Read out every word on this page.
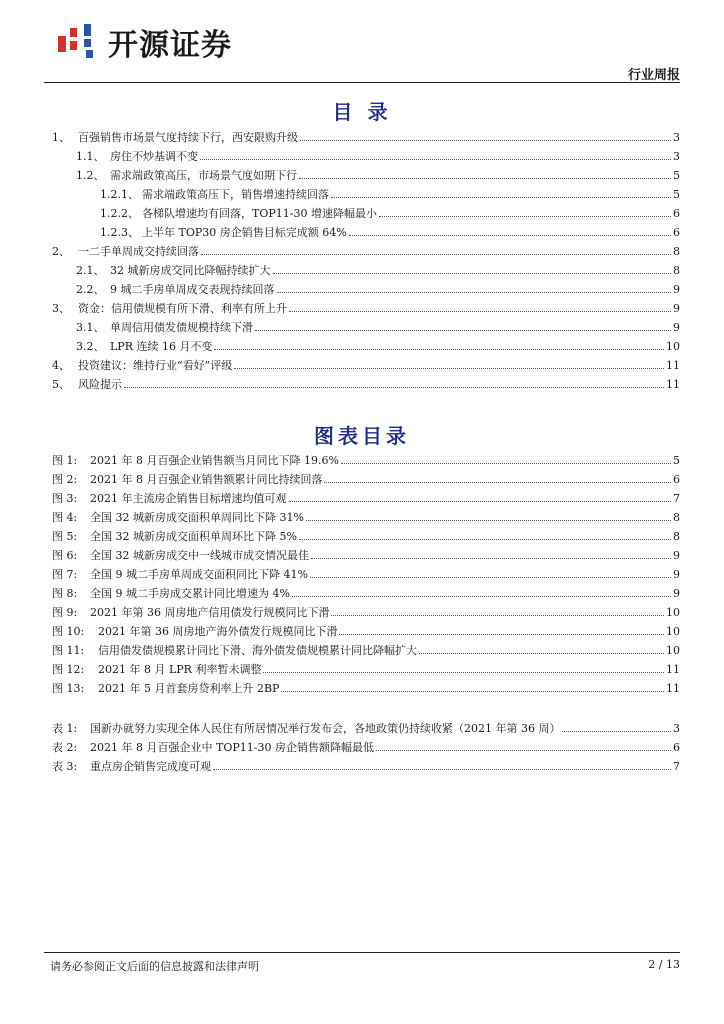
开源证券
行业周报
目 录
1、 百强销售市场景气度持续下行，西安限购升级	3
1.1、 房住不炒基调不变	3
1.2、 需求端政策高压，市场景气度如期下行	5
1.2.1、 需求端政策高压下，销售增速持续回落	5
1.2.2、 各梯队增速均有回落，TOP11-30 增速降幅最小	6
1.2.3、 上半年 TOP30 房企销售目标完成额 64%	6
2、 一二手单周成交持续回落	8
2.1、 32 城新房成交同比降幅持续扩大	8
2.2、 9 城二手房单周成交表现持续回落	9
3、 资金：信用债规模有所下滑、利率有所上升	9
3.1、 单周信用债发债规模持续下滑	9
3.2、 LPR 连续 16 月不变	10
4、 投资建议：维持行业“看好”评级	11
5、 风险提示	11
图表目录
图 1:	2021 年 8 月百强企业销售额当月同比下降 19.6%	5
图 2:	2021 年 8 月百强企业销售额累计同比持续回落	6
图 3:	2021 年主流房企销售目标增速均值可观	7
图 4:	全国 32 城新房成交面积单周同比下降 31%	8
图 5:	全国 32 城新房成交面积单周环比下降 5%	8
图 6:	全国 32 城新房成交中一线城市成交情况最佳	9
图 7:	全国 9 城二手房单周成交面积同比下降 41%	9
图 8:	全国 9 城二手房成交累计同比增速为 4%	9
图 9:	2021 年第 36 周房地产信用债发行规模同比下滑	10
图 10:	2021 年第 36 周房地产海外债发行规模同比下滑	10
图 11:	信用债发债规模累计同比下滑、海外债发债规模累计同比降幅扩大	10
图 12:	2021 年 8 月 LPR 利率暂未调整	11
图 13:	2021 年 5 月首套房贷利率上升 2BP	11
表 1:	国新办就努力实现全体人民住有所居情况举行发布会，各地政策仍持续收紧（2021 年第 36 周）	3
表 2:	2021 年 8 月百强企业中 TOP11-30 房企销售额降幅最低	6
表 3:	重点房企销售完成度可观	7
请务必参阅正文后面的信息披露和法律声明	2 / 13
